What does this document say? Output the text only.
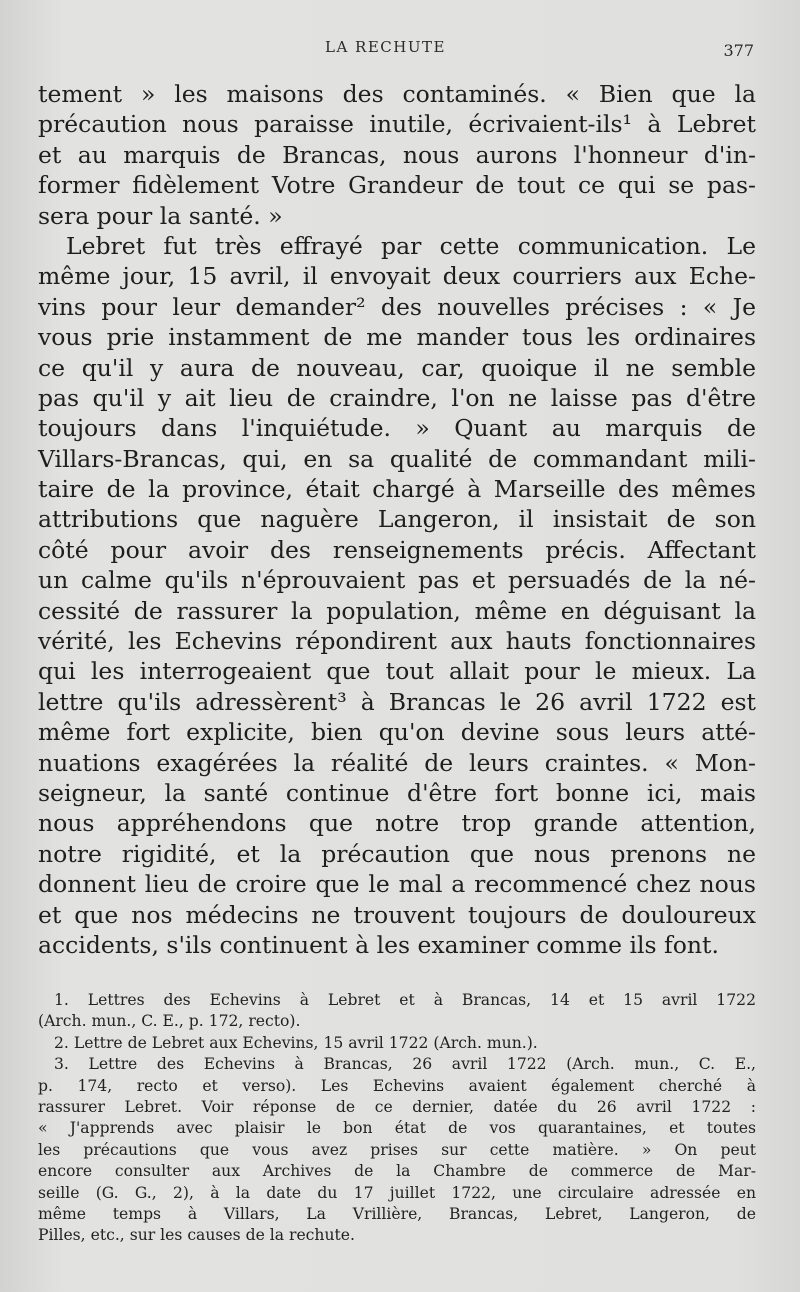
LA RECHUTE	377
tement » les maisons des contaminés. « Bien que la
précaution nous paraisse inutile, écrivaient-ils¹ à Lebret
et au marquis de Brancas, nous aurons l'honneur d'in-
former fidèlement Votre Grandeur de tout ce qui se pas-
sera pour la santé. »
Lebret fut très effrayé par cette communication. Le
même jour, 15 avril, il envoyait deux courriers aux Eche-
vins pour leur demander² des nouvelles précises : « Je
vous prie instamment de me mander tous les ordinaires
ce qu'il y aura de nouveau, car, quoique il ne semble
pas qu'il y ait lieu de craindre, l'on ne laisse pas d'être
toujours dans l'inquiétude. » Quant au marquis de
Villars-Brancas, qui, en sa qualité de commandant mili-
taire de la province, était chargé à Marseille des mêmes
attributions que naguère Langeron, il insistait de son
côté pour avoir des renseignements précis. Affectant
un calme qu'ils n'éprouvaient pas et persuadés de la né-
cessité de rassurer la population, même en déguisant la
vérité, les Echevins répondirent aux hauts fonctionnaires
qui les interrogeaient que tout allait pour le mieux. La
lettre qu'ils adressèrent³ à Brancas le 26 avril 1722 est
même fort explicite, bien qu'on devine sous leurs atté-
nuations exagérées la réalité de leurs craintes. « Mon-
seigneur, la santé continue d'être fort bonne ici, mais
nous appréhendons que notre trop grande attention,
notre rigidité, et la précaution que nous prenons ne
donnent lieu de croire que le mal a recommencé chez nous
et que nos médecins ne trouvent toujours de douloureux
accidents, s'ils continuent à les examiner comme ils font.
1. Lettres des Echevins à Lebret et à Brancas, 14 et 15 avril 1722
(Arch. mun., C. E., p. 172, recto).
2. Lettre de Lebret aux Echevins, 15 avril 1722 (Arch. mun.).
3. Lettre des Echevins à Brancas, 26 avril 1722 (Arch. mun., C. E.,
p. 174, recto et verso). Les Echevins avaient également cherché à
rassurer Lebret. Voir réponse de ce dernier, datée du 26 avril 1722 :
« J'apprends avec plaisir le bon état de vos quarantaines, et toutes
les précautions que vous avez prises sur cette matière. » On peut
encore consulter aux Archives de la Chambre de commerce de Mar-
seille (G. G., 2), à la date du 17 juillet 1722, une circulaire adressée en
même temps à Villars, La Vrillière, Brancas, Lebret, Langeron, de
Pilles, etc., sur les causes de la rechute.
